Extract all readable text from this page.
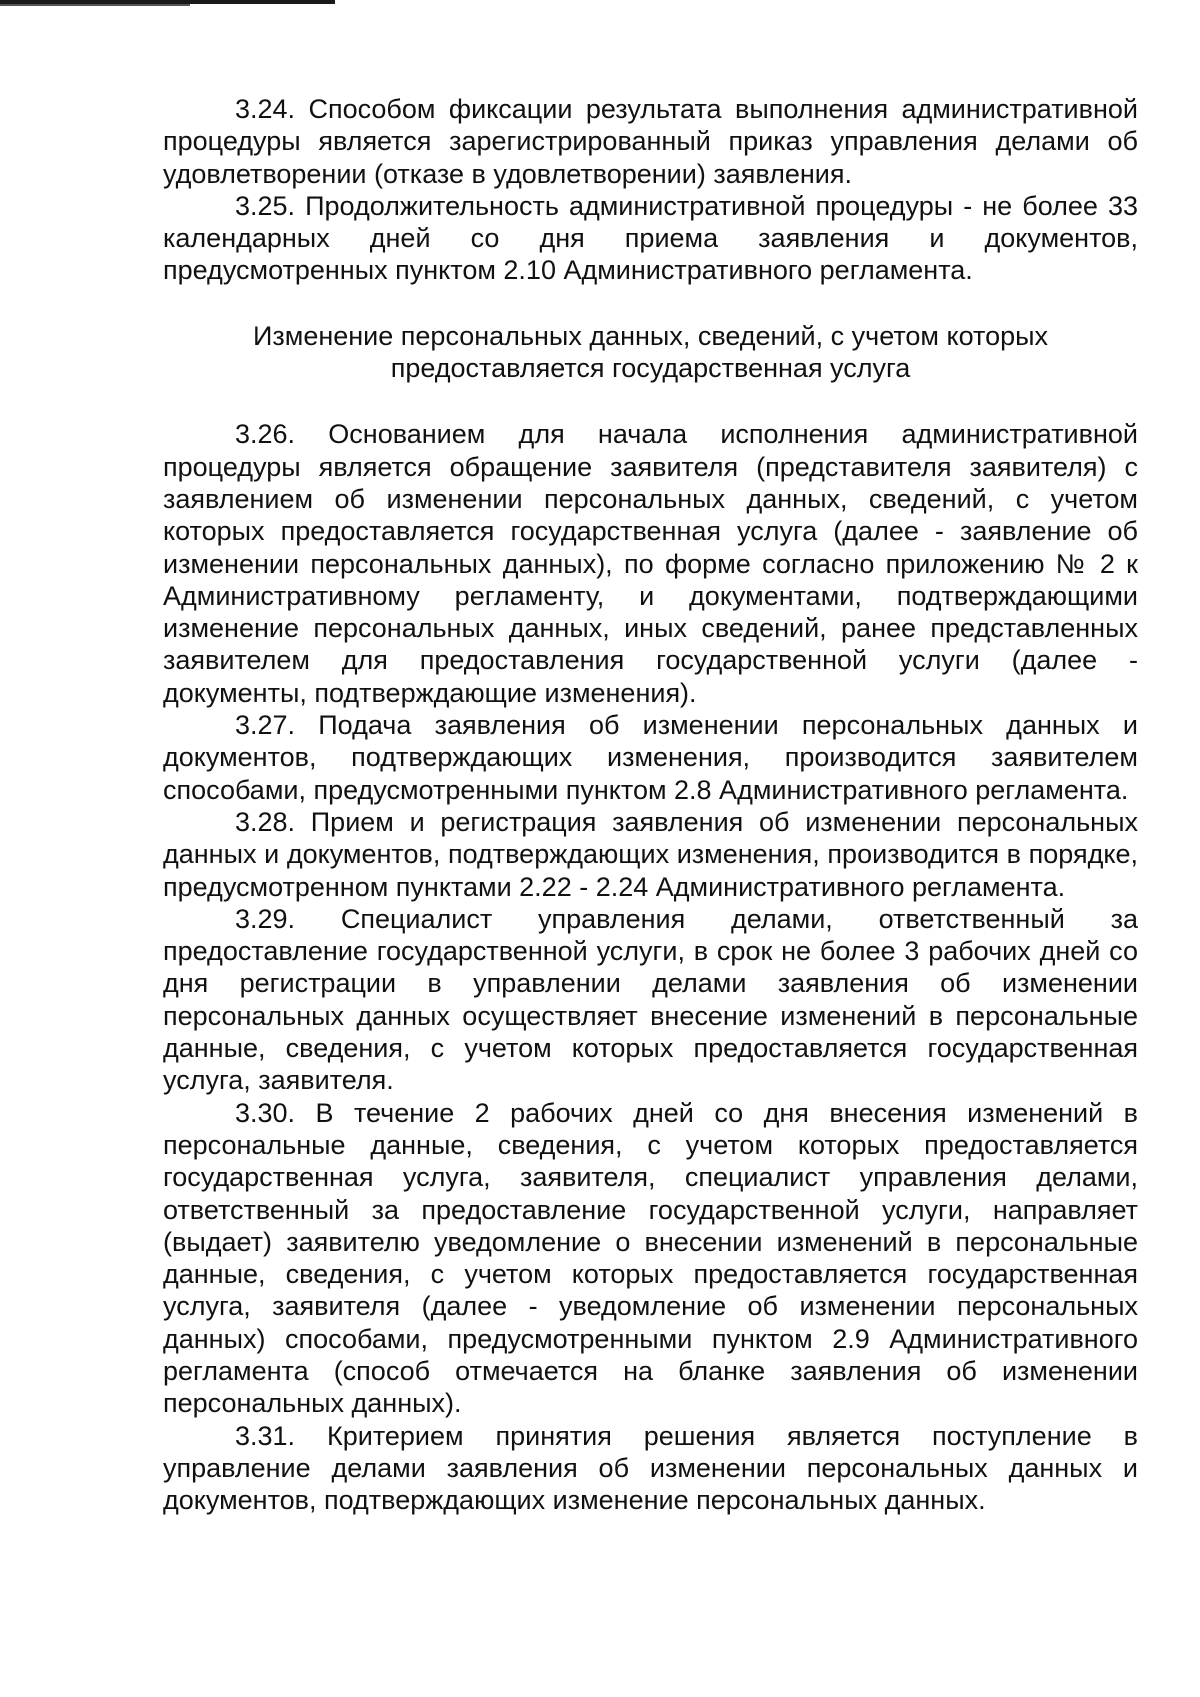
3.24. Способом фиксации результата выполнения административной процедуры является зарегистрированный приказ управления делами об удовлетворении (отказе в удовлетворении) заявления.

3.25. Продолжительность административной процедуры - не более 33 календарных дней со дня приема заявления и документов, предусмотренных пунктом 2.10 Административного регламента.

Изменение персональных данных, сведений, с учетом которых предоставляется государственная услуга

3.26. Основанием для начала исполнения административной процедуры является обращение заявителя (представителя заявителя) с заявлением об изменении персональных данных, сведений, с учетом которых предоставляется государственная услуга (далее - заявление об изменении персональных данных), по форме согласно приложению № 2 к Административному регламенту, и документами, подтверждающими изменение персональных данных, иных сведений, ранее представленных заявителем для предоставления государственной услуги (далее - документы, подтверждающие изменения).

3.27. Подача заявления об изменении персональных данных и документов, подтверждающих изменения, производится заявителем способами, предусмотренными пунктом 2.8 Административного регламента.

3.28. Прием и регистрация заявления об изменении персональных данных и документов, подтверждающих изменения, производится в порядке, предусмотренном пунктами 2.22 - 2.24 Административного регламента.

3.29. Специалист управления делами, ответственный за предоставление государственной услуги, в срок не более 3 рабочих дней со дня регистрации в управлении делами заявления об изменении персональных данных осуществляет внесение изменений в персональные данные, сведения, с учетом которых предоставляется государственная услуга, заявителя.

3.30. В течение 2 рабочих дней со дня внесения изменений в персональные данные, сведения, с учетом которых предоставляется государственная услуга, заявителя, специалист управления делами, ответственный за предоставление государственной услуги, направляет (выдает) заявителю уведомление о внесении изменений в персональные данные, сведения, с учетом которых предоставляется государственная услуга, заявителя (далее - уведомление об изменении персональных данных) способами, предусмотренными пунктом 2.9 Административного регламента (способ отмечается на бланке заявления об изменении персональных данных).

3.31. Критерием принятия решения является поступление в управление делами заявления об изменении персональных данных и документов, подтверждающих изменение персональных данных.
